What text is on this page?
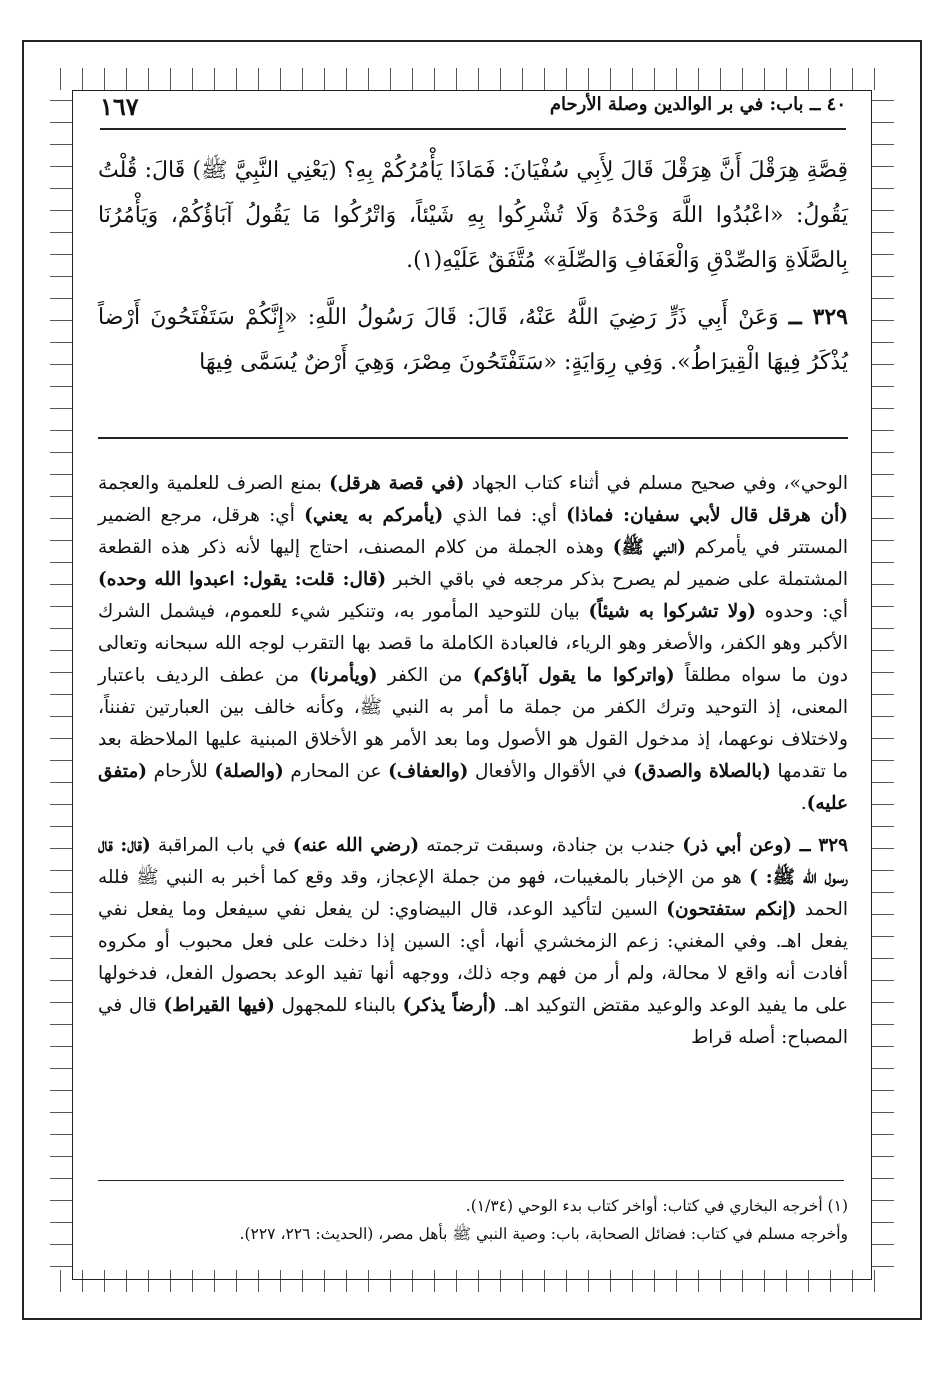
١٦٧	٤٠ ــ باب: في بر الوالدين وصلة الأرحام

قِصَّةِ هِرَقْلَ أَنَّ هِرَقْلَ قَالَ لِأَبِي سُفْيَانَ: فَمَاذَا يَأْمُرُكُمْ بِهِ؟ (يَعْنِي النَّبِيَّ ﷺ) قَالَ: قُلْتُ يَقُولُ: «اعْبُدُوا اللَّهَ وَحْدَهُ وَلَا تُشْرِكُوا بِهِ شَيْئاً، وَاتْرُكُوا مَا يَقُولُ آبَاؤُكُمْ، وَيَأْمُرُنَا بِالصَّلَاةِ وَالصِّدْقِ وَالْعَفَافِ وَالصِّلَةِ» مُتَّفَقٌ عَلَيْهِ(١).

٣٢٩ ــ وَعَنْ أَبِي ذَرٍّ رَضِيَ اللَّهُ عَنْهُ، قَالَ: قَالَ رَسُولُ اللَّهِ: «إِنَّكُمْ سَتَفْتَحُونَ أَرْضاً يُذْكَرُ فِيهَا الْقِيرَاطُ». وَفِي رِوَايَةٍ: «سَتَفْتَحُونَ مِصْرَ، وَهِيَ أَرْضٌ يُسَمَّى فِيهَا

الوحي»، وفي صحيح مسلم في أثناء كتاب الجهاد (في قصة هرقل) بمنع الصرف للعلمية والعجمة (أن هرقل قال لأبي سفيان: فماذا) أي: فما الذي (يأمركم به يعني) أي: هرقل، مرجع الضمير المستتر في يأمركم (النبي ﷺ) وهذه الجملة من كلام المصنف، احتاج إليها لأنه ذكر هذه القطعة المشتملة على ضمير لم يصرح بذكر مرجعه في باقي الخبر (قال: قلت: يقول: اعبدوا الله وحده) أي: وحدوه (ولا تشركوا به شيئاً) بيان للتوحيد المأمور به، وتنكير شيء للعموم، فيشمل الشرك الأكبر وهو الكفر، والأصغر وهو الرياء، فالعبادة الكاملة ما قصد بها التقرب لوجه الله سبحانه وتعالى دون ما سواه مطلقاً (واتركوا ما يقول آباؤكم) من الكفر (ويأمرنا) من عطف الرديف باعتبار المعنى، إذ التوحيد وترك الكفر من جملة ما أمر به النبي ﷺ، وكأنه خالف بين العبارتين تفنناً، ولاختلاف نوعهما، إذ مدخول القول هو الأصول وما بعد الأمر هو الأخلاق المبنية عليها الملاحظة بعد ما تقدمها (بالصلاة والصدق) في الأقوال والأفعال (والعفاف) عن المحارم (والصلة) للأرحام (متفق عليه).

٣٢٩ ــ (وعن أبي ذر) جندب بن جنادة، وسبقت ترجمته (رضي الله عنه) في باب المراقبة (قال: قال رسول الله ﷺ: ) هو من الإخبار بالمغيبات، فهو من جملة الإعجاز، وقد وقع كما أخبر به النبي ﷺ فلله الحمد (إنكم ستفتحون) السين لتأكيد الوعد، قال البيضاوي: لن يفعل نفي سيفعل وما يفعل نفي يفعل اهـ. وفي المغني: زعم الزمخشري أنها، أي: السين إذا دخلت على فعل محبوب أو مكروه أفادت أنه واقع لا محالة، ولم أر من فهم وجه ذلك، ووجهه أنها تفيد الوعد بحصول الفعل، فدخولها على ما يفيد الوعد والوعيد مقتض التوكيد اهـ. (أرضاً يذكر) بالبناء للمجهول (فيها القيراط) قال في المصباح: أصله قراط

(١) أخرجه البخاري في كتاب: أواخر كتاب بدء الوحي (١/٣٤).

وأخرجه مسلم في كتاب: فضائل الصحابة، باب: وصية النبي ﷺ بأهل مصر، (الحديث: ٢٢٦، ٢٢٧).
